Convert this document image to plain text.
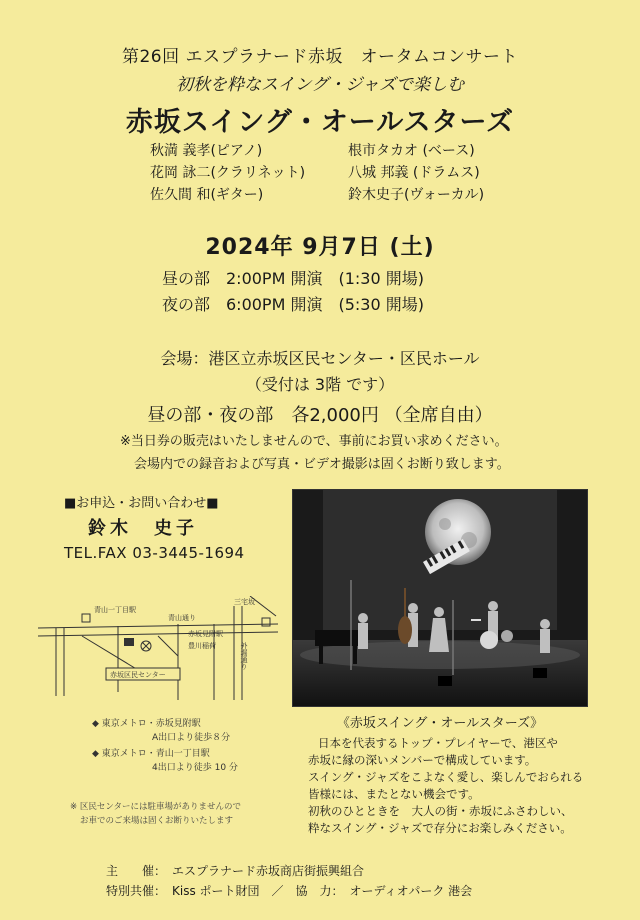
第26回 エスプラナード赤坂　オータムコンサート
初秋を粋なスイング・ジャズで楽しむ
赤坂スイング・オールスターズ
秋満 義孝(ピアノ)
花岡 詠二(クラリネット)
佐久間 和(ギター)
根市タカオ (ベース)
八城 邦義 (ドラムス)
鈴木史子(ヴォーカル)
2024年 9月7日 (土)
昼の部　2:00PM 開演　(1:30 開場)
夜の部　6:00PM 開演　(5:30 開場)
会場：港区立赤坂区民センター・区民ホール
（受付は 3階 です）
昼の部・夜の部　各2,000円 （全席自由）
※当日券の販売はいたしませんので、事前にお買い求めください。
会場内での録音および写真・ビデオ撮影は固くお断り致します。
■お申込・お問い合わせ■
鈴木　史子
TEL.FAX 03-3445-1694
青山一丁目駅
青山通り
赤坂区民センター
豊川稲荷
三宅坂
外堀通り
赤坂見附駅
◆ 東京メトロ・赤坂見附駅
A出口より徒歩８分
◆ 東京メトロ・青山一丁目駅
4出口より徒歩 10 分
※ 区民センターには駐車場がありませんので
お車でのご来場は固くお断りいたします
《赤坂スイング・オールスターズ》
日本を代表するトップ・プレイヤーで、港区や
赤坂に縁の深いメンバーで構成しています。
スイング・ジャズをこよなく愛し、楽しんでおられる
皆様には、またとない機会です。
初秋のひとときを　大人の街・赤坂にふさわしい、
粋なスイング・ジャズで存分にお楽しみください。
主　　催：　エスプラナード赤坂商店街振興組合
特別共催：　Kiss ポート財団　／　協　力：　オーディオパーク 港会
